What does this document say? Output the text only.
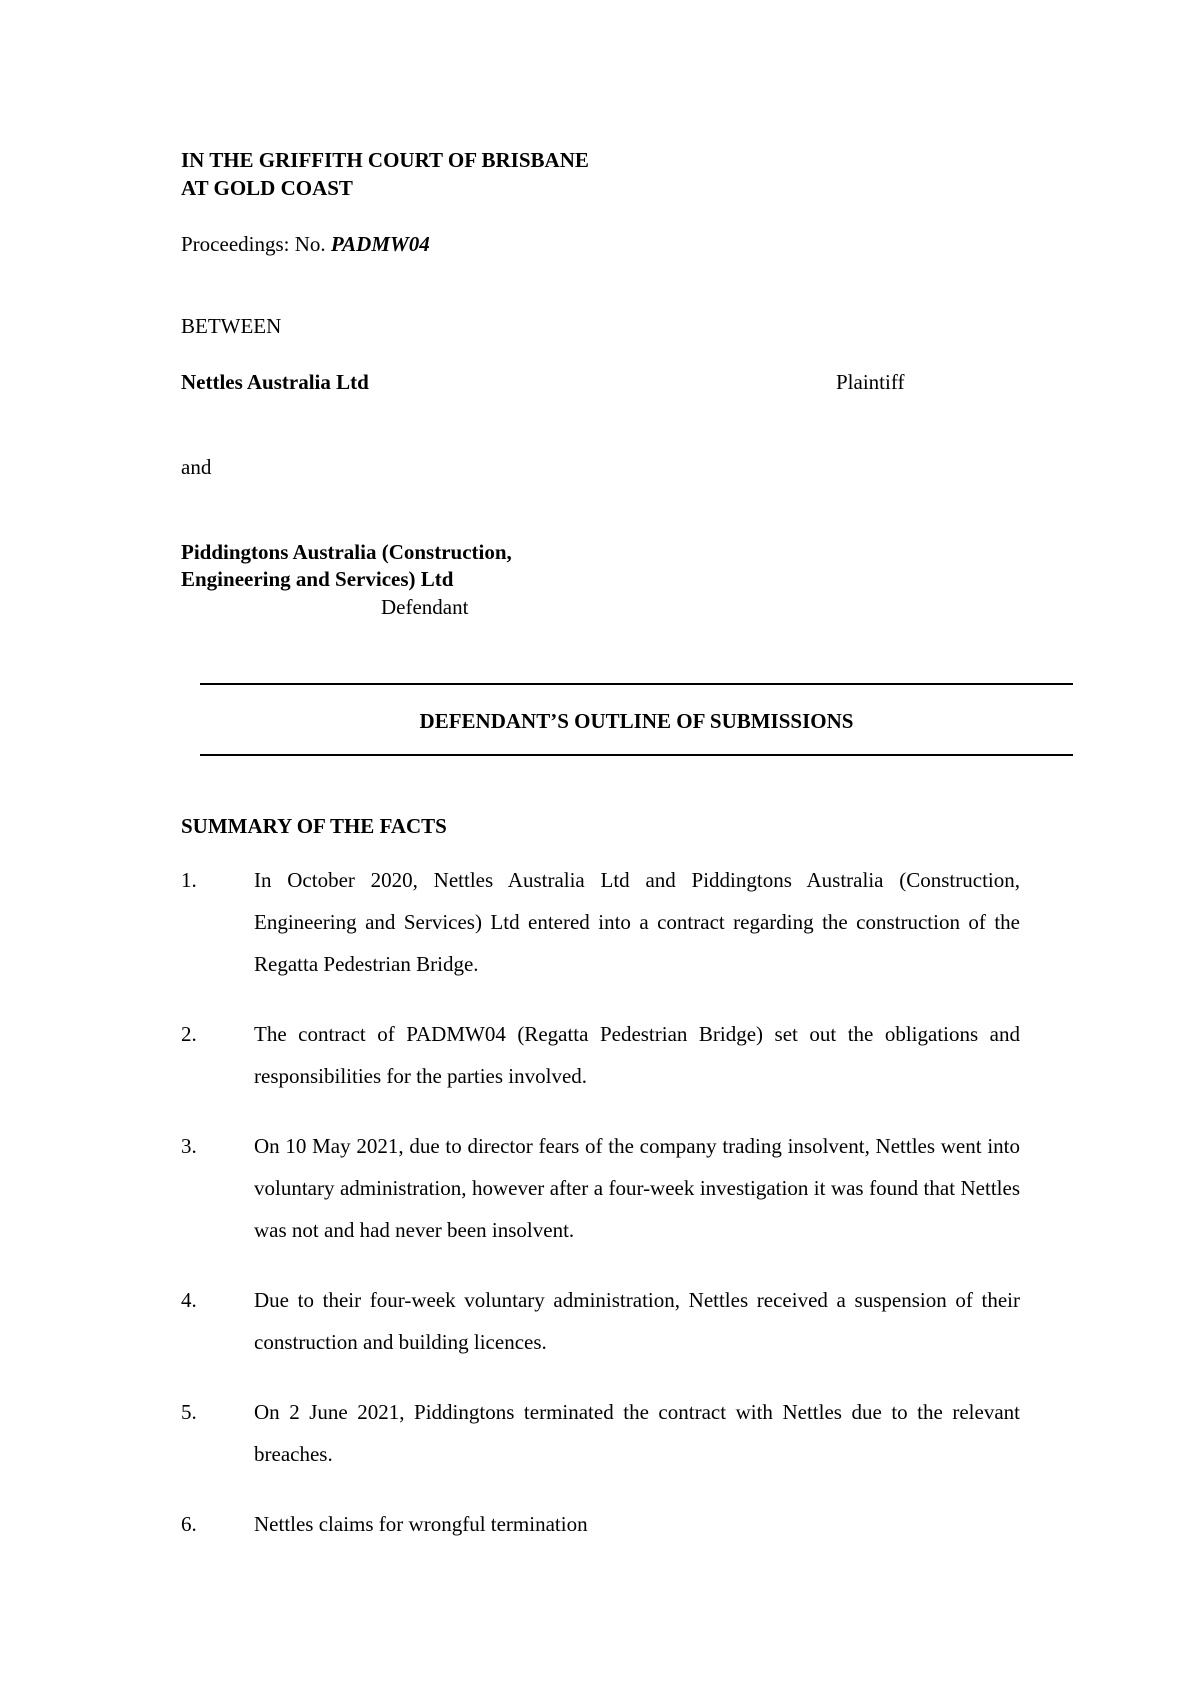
IN THE GRIFFITH COURT OF BRISBANE
AT GOLD COAST
Proceedings: No. PADMW04
BETWEEN
Nettles Australia Ltd	Plaintiff
and
Piddingtons Australia (Construction,
Engineering and Services) Ltd
Defendant
DEFENDANT’S OUTLINE OF SUBMISSIONS
SUMMARY OF THE FACTS
1.	In October 2020, Nettles Australia Ltd and Piddingtons Australia (Construction, Engineering and Services) Ltd entered into a contract regarding the construction of the Regatta Pedestrian Bridge.
2.	The contract of PADMW04 (Regatta Pedestrian Bridge) set out the obligations and responsibilities for the parties involved.
3.	On 10 May 2021, due to director fears of the company trading insolvent, Nettles went into voluntary administration, however after a four-week investigation it was found that Nettles was not and had never been insolvent.
4.	Due to their four-week voluntary administration, Nettles received a suspension of their construction and building licences.
5.	On 2 June 2021, Piddingtons terminated the contract with Nettles due to the relevant breaches.
6.	Nettles claims for wrongful termination
